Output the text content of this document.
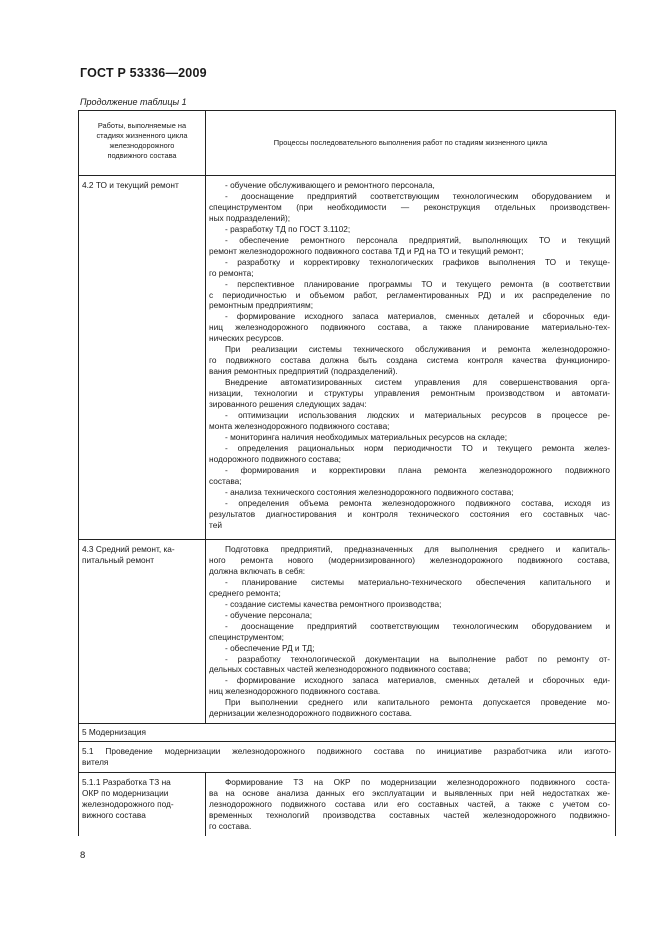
ГОСТ Р 53336—2009
Продолжение таблицы 1
Работы, выполняемые на
стадиях жизненного цикла
железнодорожного
подвижного состава
Процессы последовательного выполнения работ по стадиям жизненного цикла
4.2 ТО и текущий ремонт	- обучение обслуживающего и ремонтного персонала,

- дооснащение предприятий соответствующим технологическим оборудованием и

специнструментом (при необходимости — реконструкция отдельных производствен-

ных подразделений);

- разработку ТД по ГОСТ 3.1102;

- обеспечение ремонтного персонала предприятий, выполняющих ТО и текущий

ремонт железнодорожного подвижного состава ТД и РД на ТО и текущий ремонт;

- разработку и корректировку технологических графиков выполнения ТО и текуще-

го ремонта;

- перспективное планирование программы ТО и текущего ремонта (в соответствии

с периодичностью и объемом работ, регламентированных РД) и их распределение по

ремонтным предприятиям;

- формирование исходного запаса материалов, сменных деталей и сборочных еди-

ниц железнодорожного подвижного состава, а также планирование материально-тех-

нических ресурсов.

При реализации системы технического обслуживания и ремонта железнодорожно-

го подвижного состава должна быть создана система контроля качества функциониро-

вания ремонтных предприятий (подразделений).

Внедрение автоматизированных систем управления для совершенствования орга-

низации, технологии и структуры управления ремонтным производством и автомати-

зированного решения следующих задач:

- оптимизации использования людских и материальных ресурсов в процессе ре-

монта железнодорожного подвижного состава;

- мониторинга наличия необходимых материальных ресурсов на складе;

- определения рациональных норм периодичности ТО и текущего ремонта желез-

нодорожного подвижного состава;

- формирования и корректировки плана ремонта железнодорожного подвижного

состава;

- анализа технического состояния железнодорожного подвижного состава;

- определения объема ремонта железнодорожного подвижного состава, исходя из

результатов диагностирования и контроля технического состояния его составных час-

тей

4.3 Средний ремонт, ка-

питальный ремонт

Подготовка предприятий, предназначенных для выполнения среднего и капиталь-

ного ремонта нового (модернизированного) железнодорожного подвижного состава,

должна включать в себя:

- планирование системы материально-технического обеспечения капитального и

среднего ремонта;

- создание системы качества ремонтного производства;

- обучение персонала;

- дооснащение предприятий соответствующим технологическим оборудованием и

специнструментом;

- обеспечение РД и ТД;

- разработку технологической документации на выполнение работ по ремонту от-

дельных составных частей железнодорожного подвижного состава;

- формирование исходного запаса материалов, сменных деталей и сборочных еди-

ниц железнодорожного подвижного состава.

При выполнении среднего или капитального ремонта допускается проведение мо-

дернизации железнодорожного подвижного состава.

5 Модернизация

5.1 Проведение модернизации железнодорожного подвижного состава по инициативе разработчика или изгото-

вителя

5.1.1 Разработка ТЗ на

ОКР по модернизации

железнодорожного под-

вижного состава

Формирование ТЗ на ОКР по модернизации железнодорожного подвижного соста-

ва на основе анализа данных его эксплуатации и выявленных при ней недостатках же-

лезнодорожного подвижного состава или его составных частей, а также с учетом со-

временных технологий производства составных частей железнодорожного подвижно-

го состава.

8
